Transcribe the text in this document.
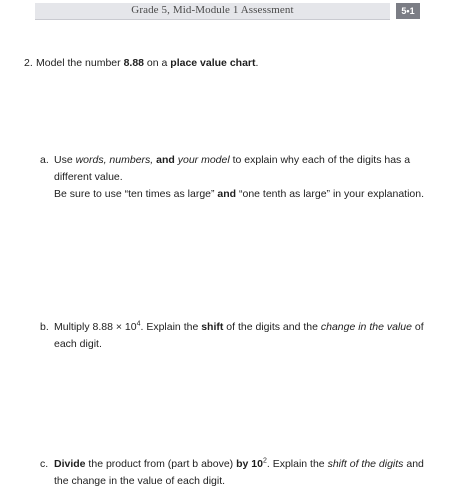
Grade 5, Mid-Module 1 Assessment	5•1
2. Model the number 8.88 on a place value chart.
a. Use words, numbers, and your model to explain why each of the digits has a different value.
Be sure to use “ten times as large” and “one tenth as large” in your explanation.
b. Multiply $8.88 \times 10^4$. Explain the shift of the digits and the change in the value of each digit.
c. Divide the product from (part b above) by $10^2$. Explain the shift of the digits and the change in the value of each digit.
